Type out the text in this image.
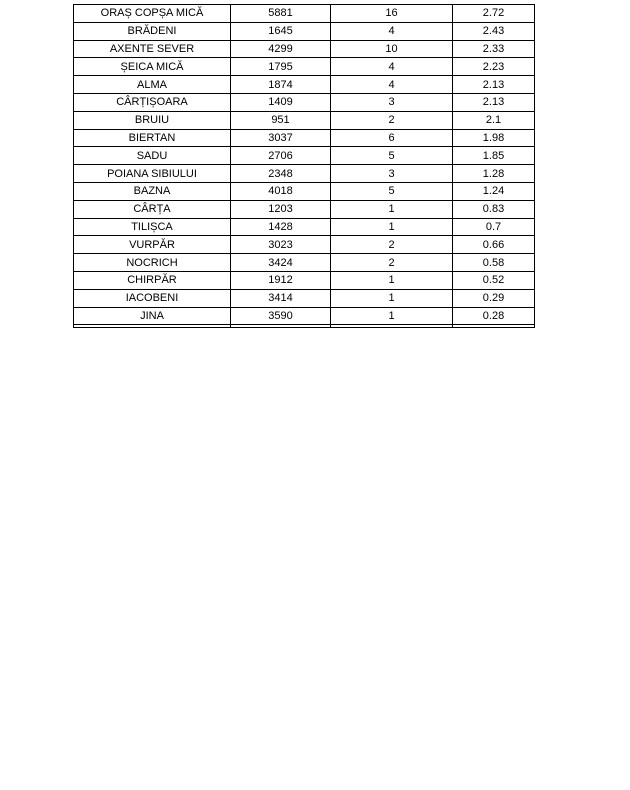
ORAȘ COPȘA MICĂ	5881	16	2.72
BRĂDENI	1645	4	2.43
AXENTE SEVER	4299	10	2.33
ȘEICA MICĂ	1795	4	2.23
ALMA	1874	4	2.13
CÂRȚIȘOARA	1409	3	2.13
BRUIU	951	2	2.1
BIERTAN	3037	6	1.98
SADU	2706	5	1.85
POIANA SIBIULUI	2348	3	1.28
BAZNA	4018	5	1.24
CÂRȚA	1203	1	0.83
TILIȘCA	1428	1	0.7
VURPĂR	3023	2	0.66
NOCRICH	3424	2	0.58
CHIRPĂR	1912	1	0.52
IACOBENI	3414	1	0.29
JINA	3590	1	0.28
